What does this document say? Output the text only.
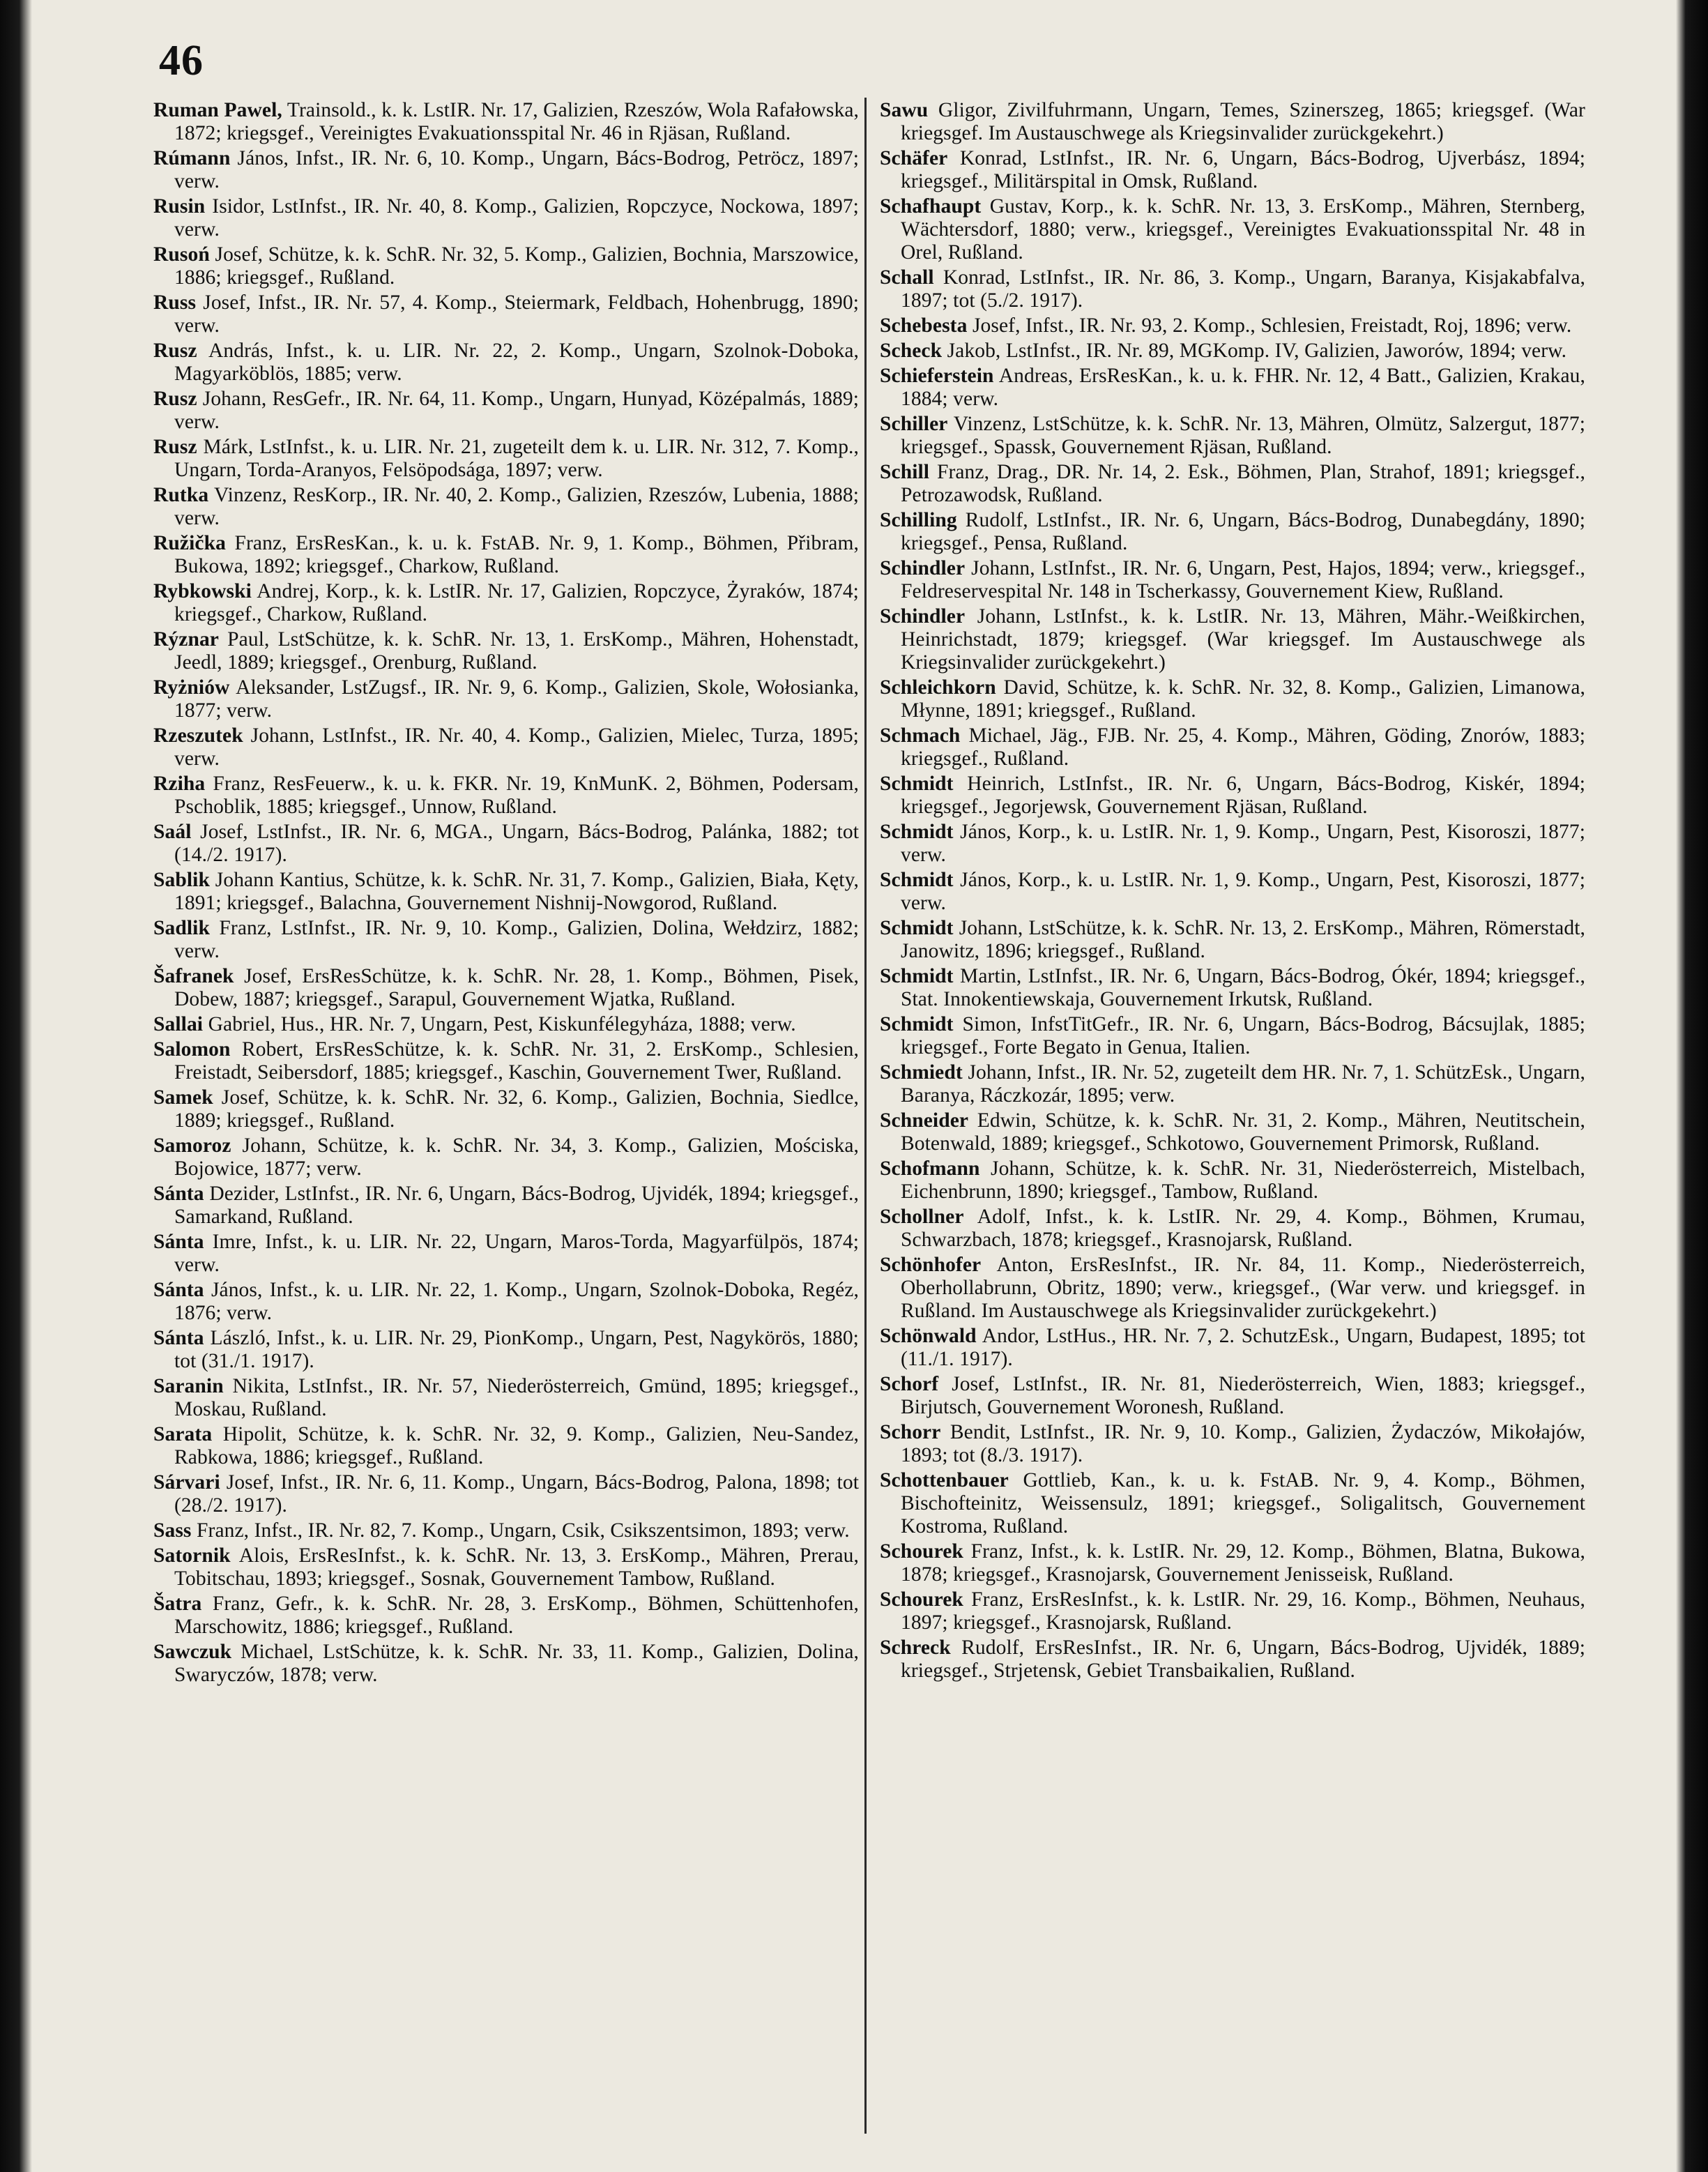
46

Ruman Pawel, Trainsold., k. k. LstIR. Nr. 17, Galizien, Rzeszów, Wola Rafałowska, 1872; kriegsgef., Vereinigtes Evakuationsspital Nr. 46 in Rjäsan, Rußland.

Rúmann János, Infst., IR. Nr. 6, 10. Komp., Ungarn, Bács-Bodrog, Petröcz, 1897; verw.

Rusin Isidor, LstInfst., IR. Nr. 40, 8. Komp., Galizien, Ropczyce, Nockowa, 1897; verw.

Rusoń Josef, Schütze, k. k. SchR. Nr. 32, 5. Komp., Galizien, Bochnia, Marszowice, 1886; kriegsgef., Rußland.

Russ Josef, Infst., IR. Nr. 57, 4. Komp., Steiermark, Feldbach, Hohenbrugg, 1890; verw.

Rusz András, Infst., k. u. LIR. Nr. 22, 2. Komp., Ungarn, Szolnok-Doboka, Magyarköblös, 1885; verw.

Rusz Johann, ResGefr., IR. Nr. 64, 11. Komp., Ungarn, Hunyad, Középalmás, 1889; verw.

Rusz Márk, LstInfst., k. u. LIR. Nr. 21, zugeteilt dem k. u. LIR. Nr. 312, 7. Komp., Ungarn, Torda-Aranyos, Felsöpodsága, 1897; verw.

Rutka Vinzenz, ResKorp., IR. Nr. 40, 2. Komp., Galizien, Rzeszów, Lubenia, 1888; verw.

Ružička Franz, ErsResKan., k. u. k. FstAB. Nr. 9, 1. Komp., Böhmen, Přibram, Bukowa, 1892; kriegsgef., Charkow, Rußland.

Rybkowski Andrej, Korp., k. k. LstIR. Nr. 17, Galizien, Ropczyce, Żyraków, 1874; kriegsgef., Charkow, Rußland.

Rýznar Paul, LstSchütze, k. k. SchR. Nr. 13, 1. ErsKomp., Mähren, Hohenstadt, Jeedl, 1889; kriegsgef., Orenburg, Rußland.

Ryżniów Aleksander, LstZugsf., IR. Nr. 9, 6. Komp., Galizien, Skole, Wołosianka, 1877; verw.

Rzeszutek Johann, LstInfst., IR. Nr. 40, 4. Komp., Galizien, Mielec, Turza, 1895; verw.

Rziha Franz, ResFeuerw., k. u. k. FKR. Nr. 19, KnMunK. 2, Böhmen, Podersam, Pschoblik, 1885; kriegsgef., Unnow, Rußland.

Saál Josef, LstInfst., IR. Nr. 6, MGA., Ungarn, Bács-Bodrog, Palánka, 1882; tot (14./2. 1917).

Sablik Johann Kantius, Schütze, k. k. SchR. Nr. 31, 7. Komp., Galizien, Biała, Kęty, 1891; kriegsgef., Balachna, Gouvernement Nishnij-Nowgorod, Rußland.

Sadlik Franz, LstInfst., IR. Nr. 9, 10. Komp., Galizien, Dolina, Wełdzirz, 1882; verw.

Šafranek Josef, ErsResSchütze, k. k. SchR. Nr. 28, 1. Komp., Böhmen, Pisek, Dobew, 1887; kriegsgef., Sarapul, Gouvernement Wjatka, Rußland.

Sallai Gabriel, Hus., HR. Nr. 7, Ungarn, Pest, Kiskunfélegyháza, 1888; verw.

Salomon Robert, ErsResSchütze, k. k. SchR. Nr. 31, 2. ErsKomp., Schlesien, Freistadt, Seibersdorf, 1885; kriegsgef., Kaschin, Gouvernement Twer, Rußland.

Samek Josef, Schütze, k. k. SchR. Nr. 32, 6. Komp., Galizien, Bochnia, Siedlce, 1889; kriegsgef., Rußland.

Samoroz Johann, Schütze, k. k. SchR. Nr. 34, 3. Komp., Galizien, Mościska, Bojowice, 1877; verw.

Sánta Dezider, LstInfst., IR. Nr. 6, Ungarn, Bács-Bodrog, Ujvidék, 1894; kriegsgef., Samarkand, Rußland.

Sánta Imre, Infst., k. u. LIR. Nr. 22, Ungarn, Maros-Torda, Magyarfülpös, 1874; verw.

Sánta János, Infst., k. u. LIR. Nr. 22, 1. Komp., Ungarn, Szolnok-Doboka, Regéz, 1876; verw.

Sánta László, Infst., k. u. LIR. Nr. 29, PionKomp., Ungarn, Pest, Nagykörös, 1880; tot (31./1. 1917).

Saranin Nikita, LstInfst., IR. Nr. 57, Niederösterreich, Gmünd, 1895; kriegsgef., Moskau, Rußland.

Sarata Hipolit, Schütze, k. k. SchR. Nr. 32, 9. Komp., Galizien, Neu-Sandez, Rabkowa, 1886; kriegsgef., Rußland.

Sárvari Josef, Infst., IR. Nr. 6, 11. Komp., Ungarn, Bács-Bodrog, Palona, 1898; tot (28./2. 1917).

Sass Franz, Infst., IR. Nr. 82, 7. Komp., Ungarn, Csik, Csikszentsimon, 1893; verw.

Satornik Alois, ErsResInfst., k. k. SchR. Nr. 13, 3. ErsKomp., Mähren, Prerau, Tobitschau, 1893; kriegsgef., Sosnak, Gouvernement Tambow, Rußland.

Šatra Franz, Gefr., k. k. SchR. Nr. 28, 3. ErsKomp., Böhmen, Schüttenhofen, Marschowitz, 1886; kriegsgef., Rußland.

Sawczuk Michael, LstSchütze, k. k. SchR. Nr. 33, 11. Komp., Galizien, Dolina, Swaryczów, 1878; verw.

Sawu Gligor, Zivilfuhrmann, Ungarn, Temes, Szinerszeg, 1865; kriegsgef. (War kriegsgef. Im Austauschwege als Kriegsinvalider zurückgekehrt.)

Schäfer Konrad, LstInfst., IR. Nr. 6, Ungarn, Bács-Bodrog, Ujverbász, 1894; kriegsgef., Militärspital in Omsk, Rußland.

Schafhaupt Gustav, Korp., k. k. SchR. Nr. 13, 3. ErsKomp., Mähren, Sternberg, Wächtersdorf, 1880; verw., kriegsgef., Vereinigtes Evakuationsspital Nr. 48 in Orel, Rußland.

Schall Konrad, LstInfst., IR. Nr. 86, 3. Komp., Ungarn, Baranya, Kisjakabfalva, 1897; tot (5./2. 1917).

Schebesta Josef, Infst., IR. Nr. 93, 2. Komp., Schlesien, Freistadt, Roj, 1896; verw.

Scheck Jakob, LstInfst., IR. Nr. 89, MGKomp. IV, Galizien, Jaworów, 1894; verw.

Schieferstein Andreas, ErsResKan., k. u. k. FHR. Nr. 12, 4 Batt., Galizien, Krakau, 1884; verw.

Schiller Vinzenz, LstSchütze, k. k. SchR. Nr. 13, Mähren, Olmütz, Salzergut, 1877; kriegsgef., Spassk, Gouvernement Rjäsan, Rußland.

Schill Franz, Drag., DR. Nr. 14, 2. Esk., Böhmen, Plan, Strahof, 1891; kriegsgef., Petrozawodsk, Rußland.

Schilling Rudolf, LstInfst., IR. Nr. 6, Ungarn, Bács-Bodrog, Dunabegdány, 1890; kriegsgef., Pensa, Rußland.

Schindler Johann, LstInfst., IR. Nr. 6, Ungarn, Pest, Hajos, 1894; verw., kriegsgef., Feldreservespital Nr. 148 in Tscherkassy, Gouvernement Kiew, Rußland.

Schindler Johann, LstInfst., k. k. LstIR. Nr. 13, Mähren, Mähr.-Weißkirchen, Heinrichstadt, 1879; kriegsgef. (War kriegsgef. Im Austauschwege als Kriegsinvalider zurückgekehrt.)

Schleichkorn David, Schütze, k. k. SchR. Nr. 32, 8. Komp., Galizien, Limanowa, Młynne, 1891; kriegsgef., Rußland.

Schmach Michael, Jäg., FJB. Nr. 25, 4. Komp., Mähren, Göding, Znorów, 1883; kriegsgef., Rußland.

Schmidt Heinrich, LstInfst., IR. Nr. 6, Ungarn, Bács-Bodrog, Kiskér, 1894; kriegsgef., Jegorjewsk, Gouvernement Rjäsan, Rußland.

Schmidt János, Korp., k. u. LstIR. Nr. 1, 9. Komp., Ungarn, Pest, Kisoroszi, 1877; verw.

Schmidt János, Korp., k. u. LstIR. Nr. 1, 9. Komp., Ungarn, Pest, Kisoroszi, 1877; verw.

Schmidt Johann, LstSchütze, k. k. SchR. Nr. 13, 2. ErsKomp., Mähren, Römerstadt, Janowitz, 1896; kriegsgef., Rußland.

Schmidt Martin, LstInfst., IR. Nr. 6, Ungarn, Bács-Bodrog, Ókér, 1894; kriegsgef., Stat. Innokentiewskaja, Gouvernement Irkutsk, Rußland.

Schmidt Simon, InfstTitGefr., IR. Nr. 6, Ungarn, Bács-Bodrog, Bácsujlak, 1885; kriegsgef., Forte Begato in Genua, Italien.

Schmiedt Johann, Infst., IR. Nr. 52, zugeteilt dem HR. Nr. 7, 1. SchützEsk., Ungarn, Baranya, Ráczkozár, 1895; verw.

Schneider Edwin, Schütze, k. k. SchR. Nr. 31, 2. Komp., Mähren, Neutitschein, Botenwald, 1889; kriegsgef., Schkotowo, Gouvernement Primorsk, Rußland.

Schofmann Johann, Schütze, k. k. SchR. Nr. 31, Niederösterreich, Mistelbach, Eichenbrunn, 1890; kriegsgef., Tambow, Rußland.

Schollner Adolf, Infst., k. k. LstIR. Nr. 29, 4. Komp., Böhmen, Krumau, Schwarzbach, 1878; kriegsgef., Krasnojarsk, Rußland.

Schönhofer Anton, ErsResInfst., IR. Nr. 84, 11. Komp., Niederösterreich, Oberhollabrunn, Obritz, 1890; verw., kriegsgef., (War verw. und kriegsgef. in Rußland. Im Austauschwege als Kriegsinvalider zurückgekehrt.)

Schönwald Andor, LstHus., HR. Nr. 7, 2. SchutzEsk., Ungarn, Budapest, 1895; tot (11./1. 1917).

Schorf Josef, LstInfst., IR. Nr. 81, Niederösterreich, Wien, 1883; kriegsgef., Birjutsch, Gouvernement Woronesh, Rußland.

Schorr Bendit, LstInfst., IR. Nr. 9, 10. Komp., Galizien, Żydaczów, Mikołajów, 1893; tot (8./3. 1917).

Schottenbauer Gottlieb, Kan., k. u. k. FstAB. Nr. 9, 4. Komp., Böhmen, Bischofteinitz, Weissensulz, 1891; kriegsgef., Soligalitsch, Gouvernement Kostroma, Rußland.

Schourek Franz, Infst., k. k. LstIR. Nr. 29, 12. Komp., Böhmen, Blatna, Bukowa, 1878; kriegsgef., Krasnojarsk, Gouvernement Jenisseisk, Rußland.

Schourek Franz, ErsResInfst., k. k. LstIR. Nr. 29, 16. Komp., Böhmen, Neuhaus, 1897; kriegsgef., Krasnojarsk, Rußland.

Schreck Rudolf, ErsResInfst., IR. Nr. 6, Ungarn, Bács-Bodrog, Ujvidék, 1889; kriegsgef., Strjetensk, Gebiet Transbaikalien, Rußland.
